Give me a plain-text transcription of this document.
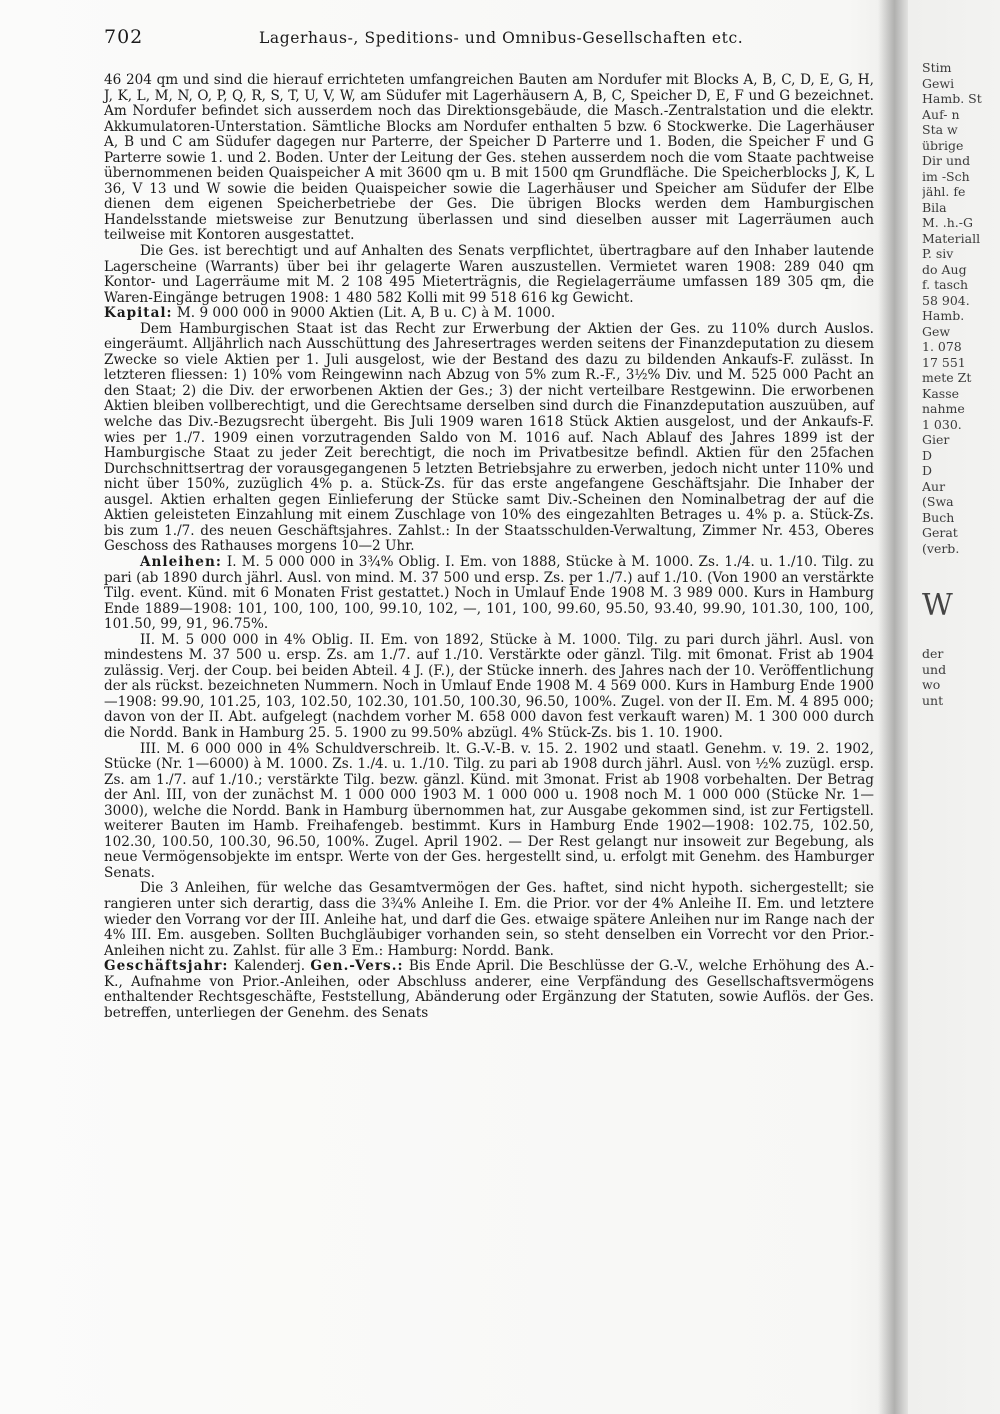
702	Lagerhaus-, Speditions- und Omnibus-Gesellschaften etc.

46 204 qm und sind die hierauf errichteten umfangreichen Bauten am Nordufer mit Blocks A, B, C, D, E, G, H, J, K, L, M, N, O, P, Q, R, S, T, U, V, W, am Südufer mit Lagerhäusern A, B, C, Speicher D, E, F und G bezeichnet. Am Nordufer befindet sich ausserdem noch das Direktionsgebäude, die Masch.-Zentralstation und die elektr. Akkumulatoren-Unterstation. Sämtliche Blocks am Nordufer enthalten 5 bzw. 6 Stockwerke. Die Lagerhäuser A, B und C am Südufer dagegen nur Parterre, der Speicher D Parterre und 1. Boden, die Speicher F und G Parterre sowie 1. und 2. Boden. Unter der Leitung der Ges. stehen ausserdem noch die vom Staate pachtweise übernommenen beiden Quaispeicher A mit 3600 qm u. B mit 1500 qm Grundfläche. Die Speicherblocks J, K, L 36, V 13 und W sowie die beiden Quaispeicher sowie die Lagerhäuser und Speicher am Südufer der Elbe dienen dem eigenen Speicherbetriebe der Ges. Die übrigen Blocks werden dem Hamburgischen Handelsstande mietsweise zur Benutzung überlassen und sind dieselben ausser mit Lagerräumen auch teilweise mit Kontoren ausgestattet.

Die Ges. ist berechtigt und auf Anhalten des Senats verpflichtet, übertragbare auf den Inhaber lautende Lagerscheine (Warrants) über bei ihr gelagerte Waren auszustellen. Vermietet waren 1908: 289 040 qm Kontor- und Lagerräume mit M. 2 108 495 Mieterträgnis, die Regielagerräume umfassen 189 305 qm, die Waren-Eingänge betrugen 1908: 1 480 582 Kolli mit 99 518 616 kg Gewicht.

Kapital: M. 9 000 000 in 9000 Aktien (Lit. A, B u. C) à M. 1000.

Dem Hamburgischen Staat ist das Recht zur Erwerbung der Aktien der Ges. zu 110% durch Auslos. eingeräumt. Alljährlich nach Ausschüttung des Jahresertrages werden seitens der Finanzdeputation zu diesem Zwecke so viele Aktien per 1. Juli ausgelost, wie der Bestand des dazu zu bildenden Ankaufs-F. zulässt. In letzteren fliessen: 1) 10% vom Reingewinn nach Abzug von 5% zum R.-F., 3½% Div. und M. 525 000 Pacht an den Staat; 2) die Div. der erworbenen Aktien der Ges.; 3) der nicht verteilbare Restgewinn. Die erworbenen Aktien bleiben vollberechtigt, und die Gerechtsame derselben sind durch die Finanzdeputation auszuüben, auf welche das Div.-Bezugsrecht übergeht. Bis Juli 1909 waren 1618 Stück Aktien ausgelost, und der Ankaufs-F. wies per 1./7. 1909 einen vorzutragenden Saldo von M. 1016 auf. Nach Ablauf des Jahres 1899 ist der Hamburgische Staat zu jeder Zeit berechtigt, die noch im Privatbesitze befindl. Aktien für den 25fachen Durchschnittsertrag der vorausgegangenen 5 letzten Betriebsjahre zu erwerben, jedoch nicht unter 110% und nicht über 150%, zuzüglich 4% p. a. Stück-Zs. für das erste angefangene Geschäftsjahr. Die Inhaber der ausgel. Aktien erhalten gegen Einlieferung der Stücke samt Div.-Scheinen den Nominalbetrag der auf die Aktien geleisteten Einzahlung mit einem Zuschlage von 10% des eingezahlten Betrages u. 4% p. a. Stück-Zs. bis zum 1./7. des neuen Geschäftsjahres. Zahlst.: In der Staatsschulden-Verwaltung, Zimmer Nr. 453, Oberes Geschoss des Rathauses morgens 10—2 Uhr.

Anleihen: I. M. 5 000 000 in 3¾% Oblig. I. Em. von 1888, Stücke à M. 1000. Zs. 1./4. u. 1./10. Tilg. zu pari (ab 1890 durch jährl. Ausl. von mind. M. 37 500 und ersp. Zs. per 1./7.) auf 1./10. (Von 1900 an verstärkte Tilg. event. Künd. mit 6 Monaten Frist gestattet.) Noch in Umlauf Ende 1908 M. 3 989 000. Kurs in Hamburg Ende 1889—1908: 101, 100, 100, 100, 99.10, 102, —, 101, 100, 99.60, 95.50, 93.40, 99.90, 101.30, 100, 100, 101.50, 99, 91, 96.75%.

II. M. 5 000 000 in 4% Oblig. II. Em. von 1892, Stücke à M. 1000. Tilg. zu pari durch jährl. Ausl. von mindestens M. 37 500 u. ersp. Zs. am 1./7. auf 1./10. Verstärkte oder gänzl. Tilg. mit 6monat. Frist ab 1904 zulässig. Verj. der Coup. bei beiden Abteil. 4 J. (F.), der Stücke innerh. des Jahres nach der 10. Veröffentlichung der als rückst. bezeichneten Nummern. Noch in Umlauf Ende 1908 M. 4 569 000. Kurs in Hamburg Ende 1900—1908: 99.90, 101.25, 103, 102.50, 102.30, 101.50, 100.30, 96.50, 100%. Zugel. von der II. Em. M. 4 895 000; davon von der II. Abt. aufgelegt (nachdem vorher M. 658 000 davon fest verkauft waren) M. 1 300 000 durch die Nordd. Bank in Hamburg 25. 5. 1900 zu 99.50% abzügl. 4% Stück-Zs. bis 1. 10. 1900.

III. M. 6 000 000 in 4% Schuldverschreib. lt. G.-V.-B. v. 15. 2. 1902 und staatl. Genehm. v. 19. 2. 1902, Stücke (Nr. 1—6000) à M. 1000. Zs. 1./4. u. 1./10. Tilg. zu pari ab 1908 durch jährl. Ausl. von ½% zuzügl. ersp. Zs. am 1./7. auf 1./10.; verstärkte Tilg. bezw. gänzl. Künd. mit 3monat. Frist ab 1908 vorbehalten. Der Betrag der Anl. III, von der zunächst M. 1 000 000 1903 M. 1 000 000 u. 1908 noch M. 1 000 000 (Stücke Nr. 1—3000), welche die Nordd. Bank in Hamburg übernommen hat, zur Ausgabe gekommen sind, ist zur Fertigstell. weiterer Bauten im Hamb. Freihafengeb. bestimmt. Kurs in Hamburg Ende 1902—1908: 102.75, 102.50, 102.30, 100.50, 100.30, 96.50, 100%. Zugel. April 1902. — Der Rest gelangt nur insoweit zur Begebung, als neue Vermögensobjekte im entspr. Werte von der Ges. hergestellt sind, u. erfolgt mit Genehm. des Hamburger Senats.

Die 3 Anleihen, für welche das Gesamtvermögen der Ges. haftet, sind nicht hypoth. sichergestellt; sie rangieren unter sich derartig, dass die 3¾% Anleihe I. Em. die Prior. vor der 4% Anleihe II. Em. und letztere wieder den Vorrang vor der III. Anleihe hat, und darf die Ges. etwaige spätere Anleihen nur im Range nach der 4% III. Em. ausgeben. Sollten Buchgläubiger vorhanden sein, so steht denselben ein Vorrecht vor den Prior.-Anleihen nicht zu. Zahlst. für alle 3 Em.: Hamburg: Nordd. Bank.

Geschäftsjahr: Kalenderj. Gen.-Vers.: Bis Ende April. Die Beschlüsse der G.-V., welche Erhöhung des A.-K., Aufnahme von Prior.-Anleihen, oder Abschluss anderer, eine Verpfändung des Gesellschaftsvermögens enthaltender Rechtsgeschäfte, Feststellung, Abänderung oder Ergänzung der Statuten, sowie Auflös. der Ges. betreffen, unterliegen der Genehm. des Senats

Stim
Gewi
Hamb. St
Auf- n
Sta w
übrige
Dir und
im -Sch
jähl. fe
Bila
M. .h.-G
Materiall
P. siv
do Aug
f. tasch
58 904.
Hamb.
Gew
1. 078
17 551
mete Zt
Kasse
nahme
1 030.
Gier
D
D
Aur
(Swa
Buch
Gerat
(verb.
W
der
und
wo
unt
